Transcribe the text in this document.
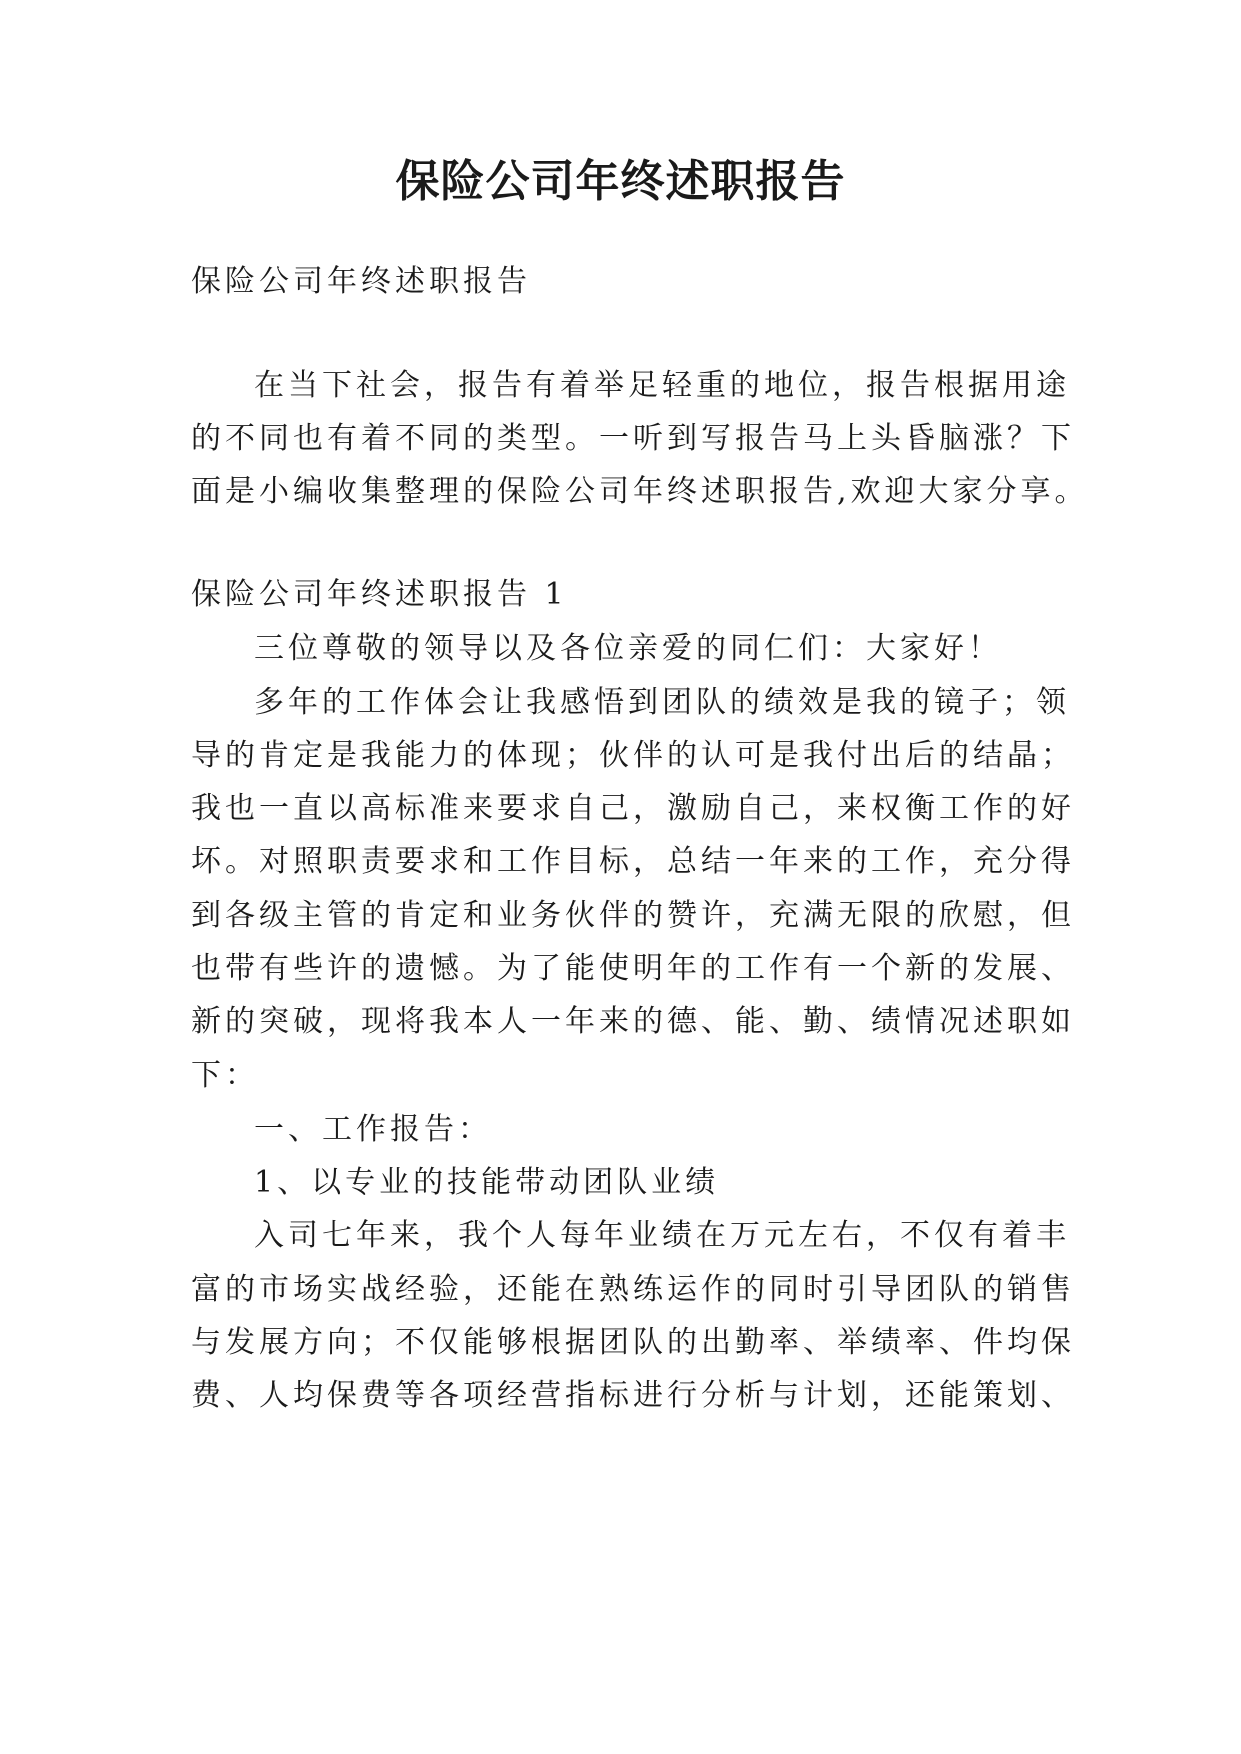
保险公司年终述职报告

保险公司年终述职报告

在当下社会，报告有着举足轻重的地位，报告根据用途

的不同也有着不同的类型。一听到写报告马上头昏脑涨？下

面是小编收集整理的保险公司年终述职报告,欢迎大家分享。

保险公司年终述职报告 1

三位尊敬的领导以及各位亲爱的同仁们：大家好！

多年的工作体会让我感悟到团队的绩效是我的镜子；领

导的肯定是我能力的体现；伙伴的认可是我付出后的结晶；

我也一直以高标准来要求自己，激励自己，来权衡工作的好

坏。对照职责要求和工作目标，总结一年来的工作，充分得

到各级主管的肯定和业务伙伴的赞许，充满无限的欣慰，但

也带有些许的遗憾。为了能使明年的工作有一个新的发展、

新的突破，现将我本人一年来的德、能、勤、绩情况述职如

下：

一、工作报告：

1、以专业的技能带动团队业绩

入司七年来，我个人每年业绩在万元左右，不仅有着丰

富的市场实战经验，还能在熟练运作的同时引导团队的销售

与发展方向；不仅能够根据团队的出勤率、举绩率、件均保

费、人均保费等各项经营指标进行分析与计划，还能策划、
